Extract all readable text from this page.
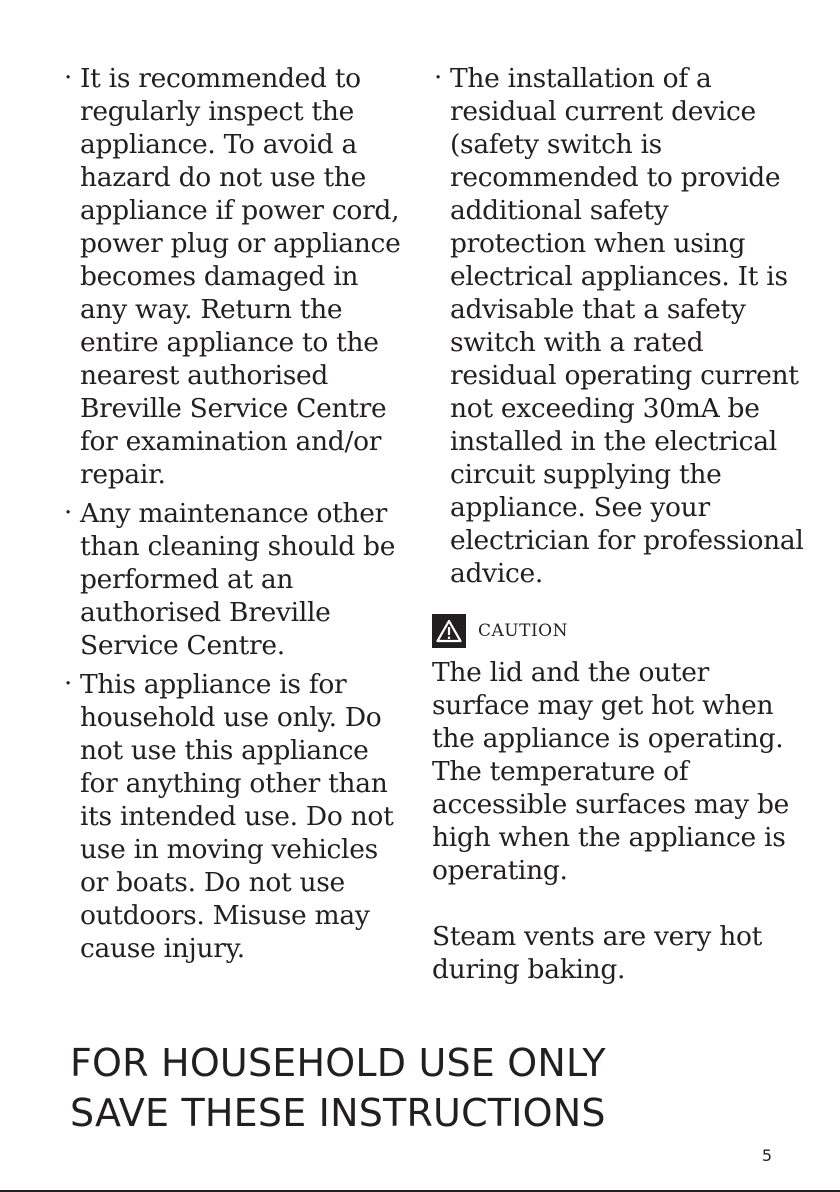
· It is recommended to regularly inspect the appliance. To avoid a hazard do not use the appliance if power cord, power plug or appliance becomes damaged in any way. Return the entire appliance to the nearest authorised Breville Service Centre for examination and/or repair.
· Any maintenance other than cleaning should be performed at an authorised Breville Service Centre.
· This appliance is for household use only. Do not use this appliance for anything other than its intended use. Do not use in moving vehicles or boats. Do not use outdoors. Misuse may cause injury.
· The installation of a residual current device (safety switch is recommended to provide additional safety protection when using electrical appliances. It is advisable that a safety switch with a rated residual operating current not exceeding 30mA be installed in the electrical circuit supplying the appliance. See your electrician for professional advice.
CAUTION

The lid and the outer surface may get hot when the appliance is operating. The temperature of accessible surfaces may be high when the appliance is operating.

Steam vents are very hot during baking.

FOR HOUSEHOLD USE ONLY
SAVE THESE INSTRUCTIONS
5
